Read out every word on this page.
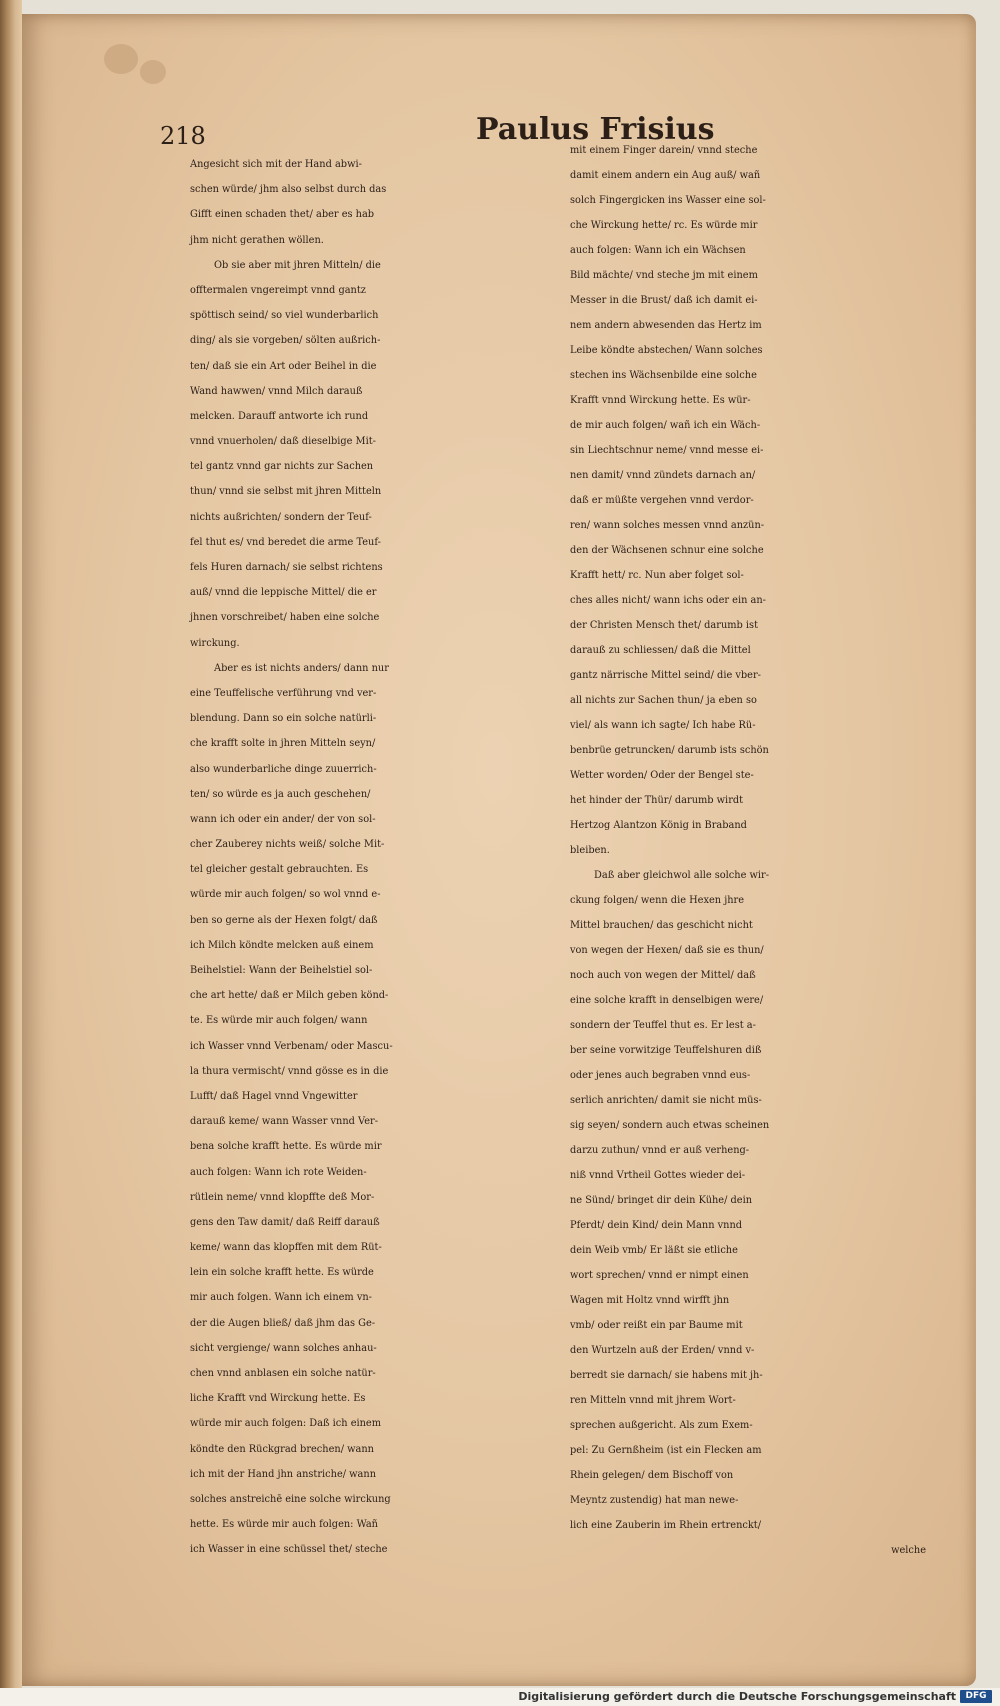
218	Paulus Frisius
Angesicht sich mit der Hand abwi-
schen würde/ jhm also selbst durch das
Gifft einen schaden thet/ aber es hab
jhm nicht gerathen wöllen.
Ob sie aber mit jhren Mitteln/ die
offtermalen vngereimpt vnnd gantz
spöttisch seind/ so viel wunderbarlich
ding/ als sie vorgeben/ sölten außrich-
ten/ daß sie ein Art oder Beihel in die
Wand hawwen/ vnnd Milch darauß
melcken. Darauff antworte ich rund
vnnd vnuerholen/ daß dieselbige Mit-
tel gantz vnnd gar nichts zur Sachen
thun/ vnnd sie selbst mit jhren Mitteln
nichts außrichten/ sondern der Teuf-
fel thut es/ vnd beredet die arme Teuf-
fels Huren darnach/ sie selbst richtens
auß/ vnnd die leppische Mittel/ die er
jhnen vorschreibet/ haben eine solche
wirckung.
Aber es ist nichts anders/ dann nur
eine Teuffelische verführung vnd ver-
blendung. Dann so ein solche natürli-
che krafft solte in jhren Mitteln seyn/
also wunderbarliche dinge zuuerrich-
ten/ so würde es ja auch geschehen/
wann ich oder ein ander/ der von sol-
cher Zauberey nichts weiß/ solche Mit-
tel gleicher gestalt gebrauchten. Es
würde mir auch folgen/ so wol vnnd e-
ben so gerne als der Hexen folgt/ daß
ich Milch köndte melcken auß einem
Beihelstiel: Wann der Beihelstiel sol-
che art hette/ daß er Milch geben könd-
te. Es würde mir auch folgen/ wann
ich Wasser vnnd Verbenam/ oder Mascu-
la thura vermischt/ vnnd gösse es in die
Lufft/ daß Hagel vnnd Vngewitter
darauß keme/ wann Wasser vnnd Ver-
bena solche krafft hette. Es würde mir
auch folgen: Wann ich rote Weiden-
rütlein neme/ vnnd klopffte deß Mor-
gens den Taw damit/ daß Reiff darauß
keme/ wann das klopffen mit dem Rüt-
lein ein solche krafft hette. Es würde
mir auch folgen. Wann ich einem vn-
der die Augen bließ/ daß jhm das Ge-
sicht vergienge/ wann solches anhau-
chen vnnd anblasen ein solche natür-
liche Krafft vnd Wirckung hette. Es
würde mir auch folgen: Daß ich einem
köndte den Rückgrad brechen/ wann
ich mit der Hand jhn anstriche/ wann
solches anstreichē eine solche wirckung
hette. Es würde mir auch folgen: Wañ
ich Wasser in eine schüssel thet/ steche
mit einem Finger darein/ vnnd steche
damit einem andern ein Aug auß/ wañ
solch Fingergicken ins Wasser eine sol-
che Wirckung hette/ rc. Es würde mir
auch folgen: Wann ich ein Wächsen
Bild mächte/ vnd steche jm mit einem
Messer in die Brust/ daß ich damit ei-
nem andern abwesenden das Hertz im
Leibe köndte abstechen/ Wann solches
stechen ins Wächsenbilde eine solche
Krafft vnnd Wirckung hette. Es wür-
de mir auch folgen/ wañ ich ein Wäch-
sin Liechtschnur neme/ vnnd messe ei-
nen damit/ vnnd zündets darnach an/
daß er müßte vergehen vnnd verdor-
ren/ wann solches messen vnnd anzün-
den der Wächsenen schnur eine solche
Krafft hett/ rc. Nun aber folget sol-
ches alles nicht/ wann ichs oder ein an-
der Christen Mensch thet/ darumb ist
darauß zu schliessen/ daß die Mittel
gantz närrische Mittel seind/ die vber-
all nichts zur Sachen thun/ ja eben so
viel/ als wann ich sagte/ Ich habe Rü-
benbrüe getruncken/ darumb ists schön
Wetter worden/ Oder der Bengel ste-
het hinder der Thür/ darumb wirdt
Hertzog Alantzon König in Braband
bleiben.
Daß aber gleichwol alle solche wir-
ckung folgen/ wenn die Hexen jhre
Mittel brauchen/ das geschicht nicht
von wegen der Hexen/ daß sie es thun/
noch auch von wegen der Mittel/ daß
eine solche krafft in denselbigen were/
sondern der Teuffel thut es. Er lest a-
ber seine vorwitzige Teuffelshuren diß
oder jenes auch begraben vnnd eus-
serlich anrichten/ damit sie nicht müs-
sig seyen/ sondern auch etwas scheinen
darzu zuthun/ vnnd er auß verheng-
niß vnnd Vrtheil Gottes wieder dei-
ne Sünd/ bringet dir dein Kühe/ dein
Pferdt/ dein Kind/ dein Mann vnnd
dein Weib vmb/ Er läßt sie etliche
wort sprechen/ vnnd er nimpt einen
Wagen mit Holtz vnnd wirfft jhn
vmb/ oder reißt ein par Baume mit
den Wurtzeln auß der Erden/ vnnd v-
berredt sie darnach/ sie habens mit jh-
ren Mitteln vnnd mit jhrem Wort-
sprechen außgericht. Als zum Exem-
pel: Zu Gernßheim (ist ein Flecken am
Rhein gelegen/ dem Bischoff von
Meyntz zustendig) hat man newe-
lich eine Zauberin im Rhein ertrenckt/
welche
Digitalisierung gefördert durch die Deutsche Forschungsgemeinschaft	DFG
